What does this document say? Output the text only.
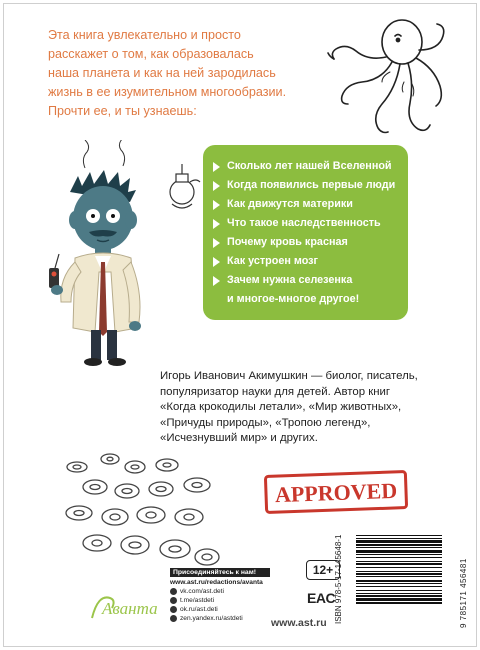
Эта книга увлекательно и просто

расскажет о том, как образовалась

наша планета и как на ней зародилась

жизнь в ее изумительном многообразии.

Прочти ее, и ты узнаешь:

Сколько лет нашей Вселенной
Когда появились первые люди
Как движутся материки
Что такое наследственность
Почему кровь красная
Как устроен мозг
Зачем нужна селезенка
и многое-многое другое!
Игорь Иванович Акимушкин — биолог, писатель,
популяризатор науки для детей. Автор книг
«Когда крокодилы летали», «Мир животных»,
«Причуды природы», «Тропою легенд»,
«Исчезнувший мир» и других.
APPROVED
12+
EAC
www.ast.ru ISBN 978-5-17-145648-1	9 785171 456481
Аванта
Присоединяйтесь к нам!
www.ast.ru/redactions/avanta
vk.com/ast.deti
t.me/astdeti
ok.ru/ast.deti
zen.yandex.ru/astdeti
